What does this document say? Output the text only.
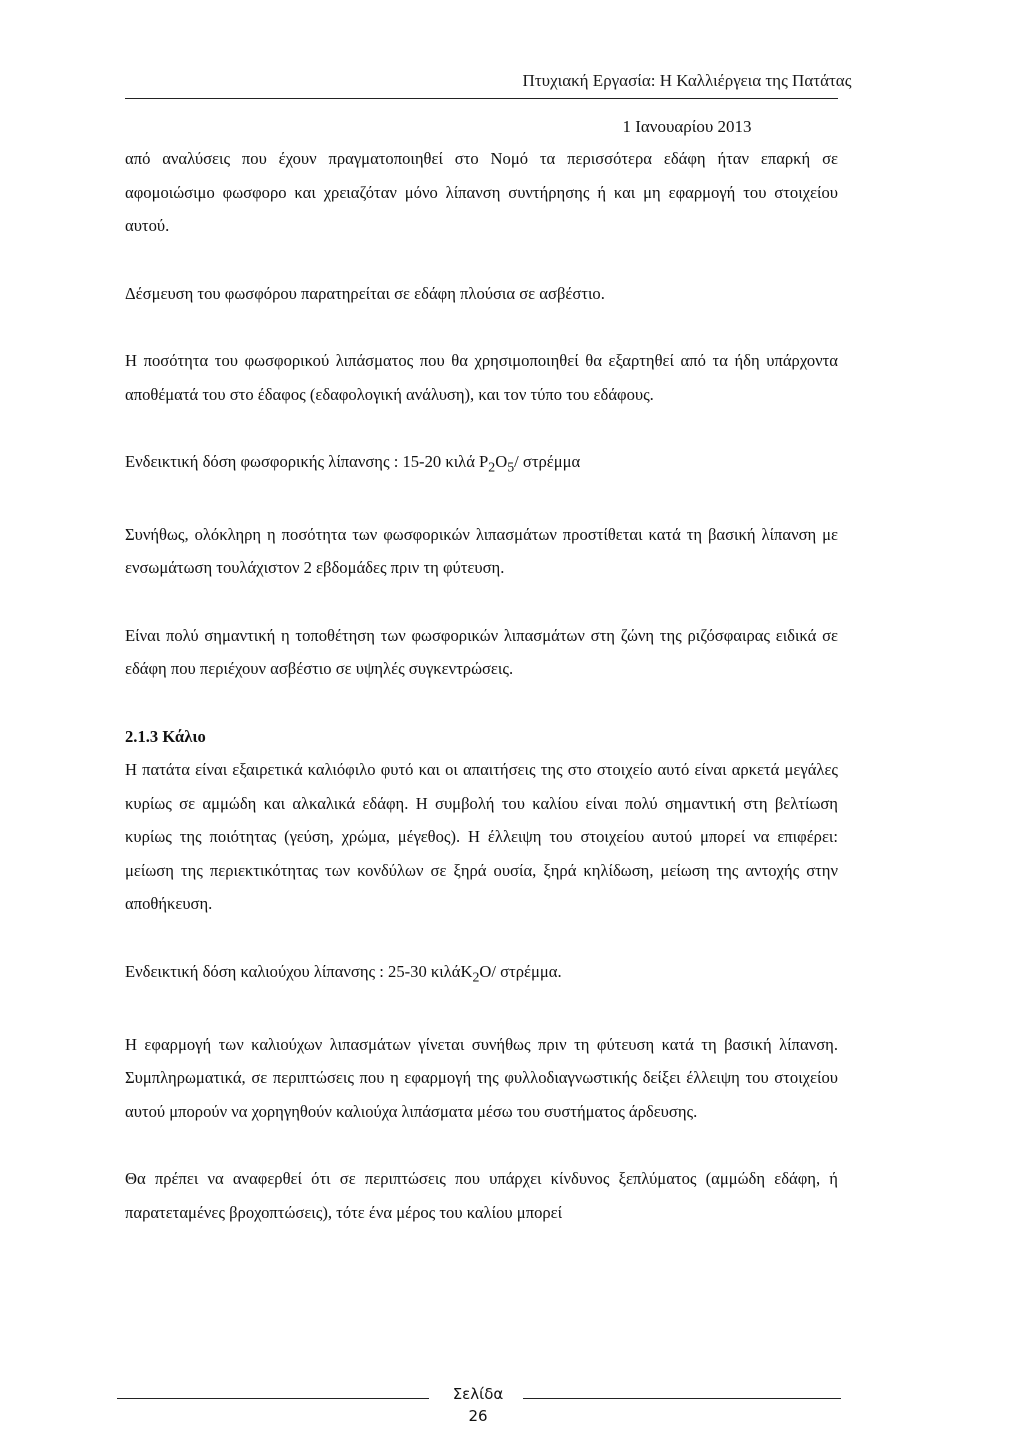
Πτυχιακή Εργασία: Η Καλλιέργεια της Πατάτας
1 Ιανουαρίου 2013

από αναλύσεις που έχουν πραγματοποιηθεί στο Νομό τα περισσότερα εδάφη ήταν επαρκή σε αφομοιώσιμο φωσφορο και χρειαζόταν μόνο λίπανση συντήρησης ή και μη εφαρμογή του στοιχείου αυτού.

Δέσμευση του φωσφόρου παρατηρείται σε εδάφη πλούσια σε ασβέστιο.

Η ποσότητα του φωσφορικού λιπάσματος που θα χρησιμοποιηθεί θα εξαρτηθεί από τα ήδη υπάρχοντα αποθέματά του στο έδαφος (εδαφολογική ανάλυση), και τον τύπο του εδάφους.

Ενδεικτική δόση φωσφορικής λίπανσης : 15-20 κιλά $P_2O_5/$ στρέμμα

Συνήθως, ολόκληρη η ποσότητα των φωσφορικών λιπασμάτων προστίθεται κατά τη βασική λίπανση με ενσωμάτωση τουλάχιστον 2 εβδομάδες πριν τη φύτευση.

Είναι πολύ σημαντική η τοποθέτηση των φωσφορικών λιπασμάτων στη ζώνη της ριζόσφαιρας ειδικά σε εδάφη που περιέχουν ασβέστιο σε υψηλές συγκεντρώσεις.

2.1.3 Κάλιο

Η πατάτα είναι εξαιρετικά καλιόφιλο φυτό και οι απαιτήσεις της στο στοιχείο αυτό είναι αρκετά μεγάλες κυρίως σε αμμώδη και αλκαλικά εδάφη. Η συμβολή του καλίου είναι πολύ σημαντική στη βελτίωση κυρίως της ποιότητας (γεύση, χρώμα, μέγεθος). Η έλλειψη του στοιχείου αυτού μπορεί να επιφέρει: μείωση της περιεκτικότητας των κονδύλων σε ξηρά ουσία, ξηρά κηλίδωση, μείωση της αντοχής στην αποθήκευση.

Ενδεικτική δόση καλιούχου λίπανσης : 25-30 κιλάK$_2$O/ στρέμμα.

Η εφαρμογή των καλιούχων λιπασμάτων γίνεται συνήθως πριν τη φύτευση κατά τη βασική λίπανση. Συμπληρωματικά, σε περιπτώσεις που η εφαρμογή της φυλλοδιαγνωστικής δείξει έλλειψη του στοιχείου αυτού μπορούν να χορηγηθούν καλιούχα λιπάσματα μέσω του συστήματος άρδευσης.

Θα πρέπει να αναφερθεί ότι σε περιπτώσεις που υπάρχει κίνδυνος ξεπλύματος (αμμώδη εδάφη, ή παρατεταμένες βροχοπτώσεις), τότε ένα μέρος του καλίου μπορεί

Σελίδα
26
